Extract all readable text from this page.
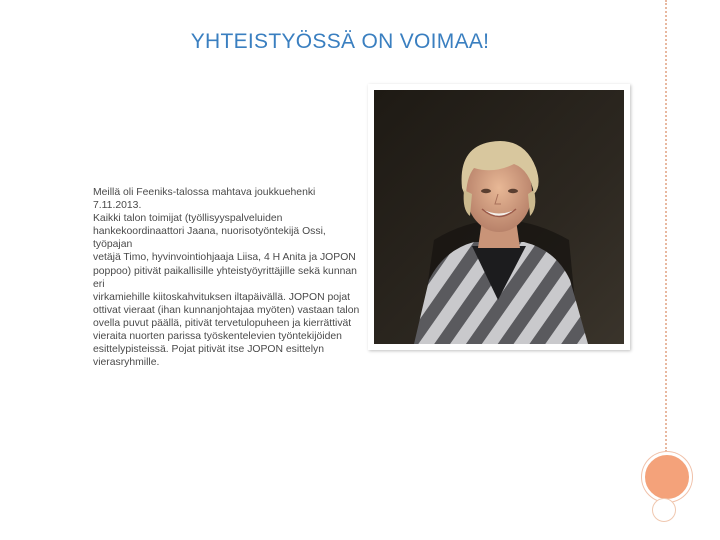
YHTEISTYÖSSÄ ON VOIMAA!
Meillä oli Feeniks-talossa mahtava joukkuehenki 7.11.2013.
Kaikki talon toimijat (työllisyyspalveluiden
hankekoordinaattori Jaana, nuorisotyöntekijä Ossi, työpajan
vetäjä Timo, hyvinvointiohjaaja Liisa, 4 H Anita ja JOPON
poppoo) pitivät paikallisille yhteistyöyrittäjille sekä kunnan eri
virkamiehille kiitoskahvituksen iltapäivällä. JOPON pojat
ottivat vieraat (ihan kunnanjohtajaa myöten) vastaan talon
ovella puvut päällä, pitivät tervetulopuheen ja kierrättivät
vieraita nuorten parissa työskentelevien työntekijöiden
esittelypisteissä. Pojat pitivät itse JOPON esittelyn
vierasryhmille.
